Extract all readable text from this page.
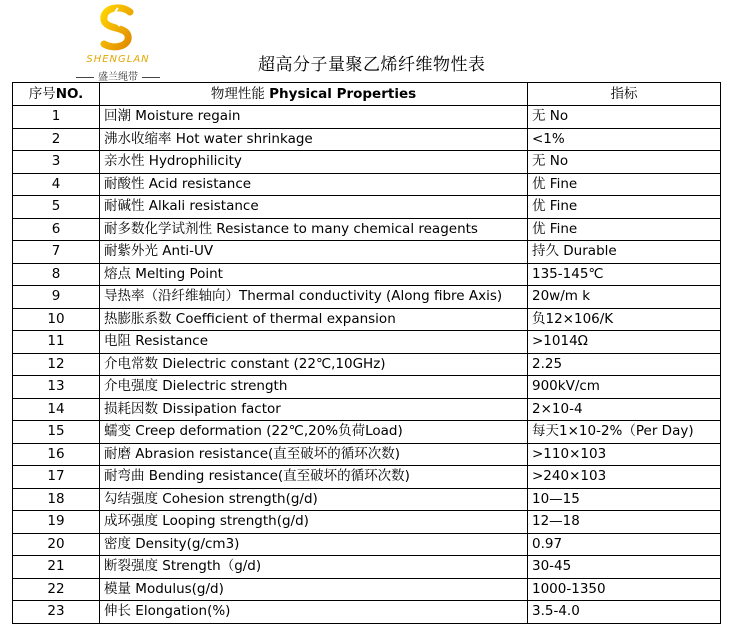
SHENGLAN
盛兰绳带
超高分子量聚乙烯纤维物性表
序号NO.	物理性能 Physical Properties	指标
1	回潮 Moisture regain	无 No
2	沸水收缩率 Hot water shrinkage	<1%
3	亲水性 Hydrophilicity	无 No
4	耐酸性 Acid resistance	优 Fine
5	耐碱性 Alkali resistance	优 Fine
6	耐多数化学试剂性 Resistance to many chemical reagents	优 Fine
7	耐紫外光 Anti-UV	持久 Durable
8	熔点 Melting Point	135-145℃
9	导热率（沿纤维轴向）Thermal conductivity (Along fibre Axis)	20w/m k
10	热膨胀系数 Coefficient of thermal expansion	负12×106/K
11	电阻 Resistance	>1014Ω
12	介电常数 Dielectric constant (22℃,10GHz)	2.25
13	介电强度 Dielectric strength	900kV/cm
14	损耗因数 Dissipation factor	2×10-4
15	蠕变 Creep deformation (22℃,20%负荷Load)	每天1×10-2%（Per Day)
16	耐磨 Abrasion resistance(直至破坏的循环次数)	>110×103
17	耐弯曲 Bending resistance(直至破坏的循环次数)	>240×103
18	勾结强度 Cohesion strength(g/d)	10—15
19	成环强度 Looping strength(g/d)	12—18
20	密度 Density(g/cm3)	0.97
21	断裂强度 Strength（g/d)	30-45
22	模量 Modulus(g/d)	1000-1350
23	伸长 Elongation(%)	3.5-4.0
